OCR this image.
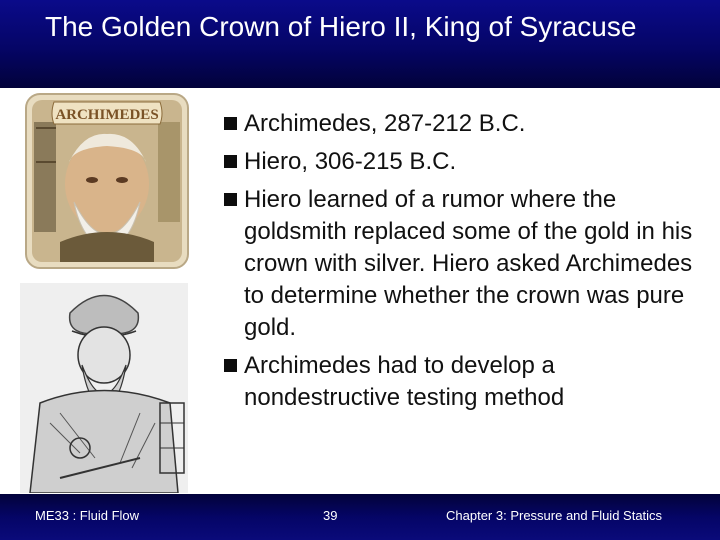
The Golden Crown of Hiero II, King of Syracuse
ARCHIMEDES	Archimedes, 287-212 B.C.
Hiero, 306-215 B.C.
Hiero learned of a rumor where the goldsmith replaced some of the gold in his crown with silver. Hiero asked Archimedes to determine whether the crown was pure gold.
Archimedes had to develop a nondestructive testing method
ME33 : Fluid Flow	39	Chapter 3: Pressure and Fluid Statics
